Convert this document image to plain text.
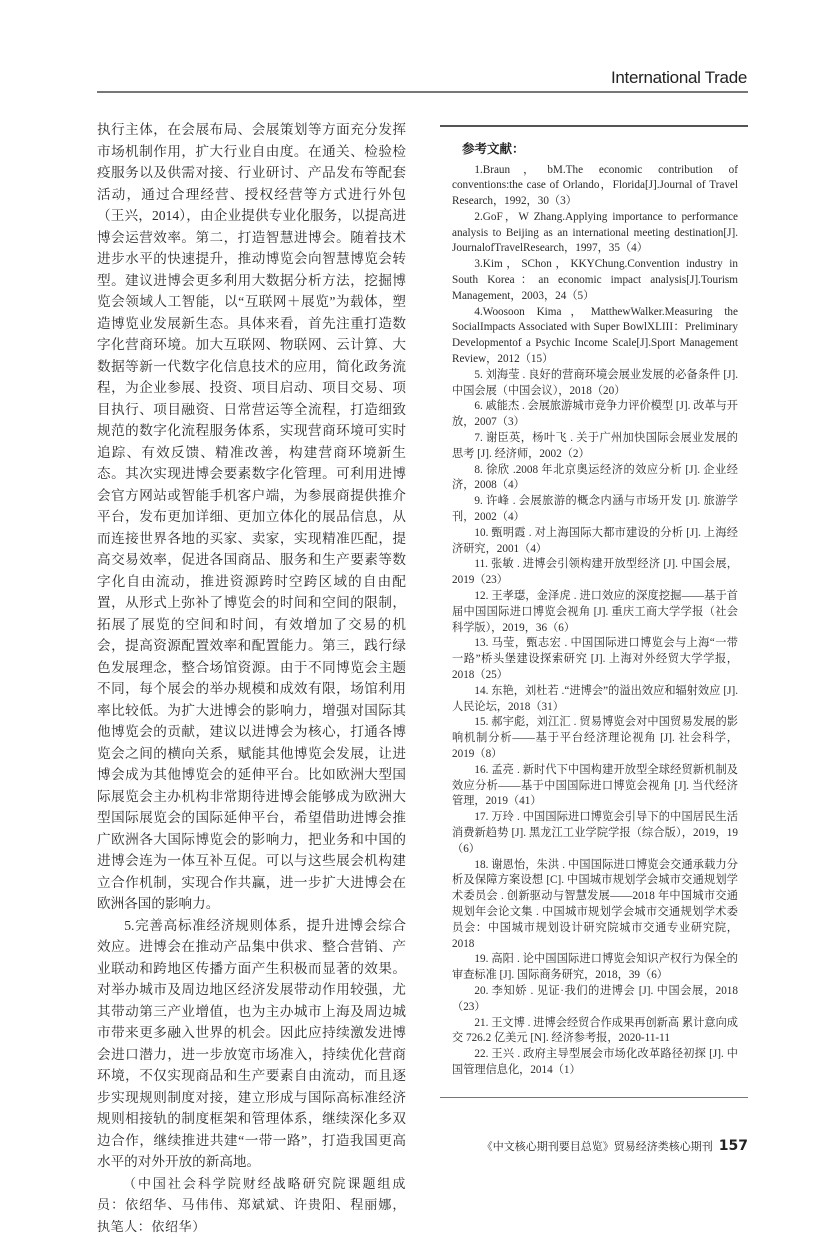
International Trade

执行主体，在会展布局、会展策划等方面充分发挥市场机制作用，扩大行业自由度。在通关、检验检疫服务以及供需对接、行业研讨、产品发布等配套活动，通过合理经营、授权经营等方式进行外包（王兴，2014），由企业提供专业化服务，以提高进博会运营效率。第二，打造智慧进博会。随着技术进步水平的快速提升，推动博览会向智慧博览会转型。建议进博会更多利用大数据分析方法，挖掘博览会领域人工智能，以“互联网＋展览”为载体，塑造博览业发展新生态。具体来看，首先注重打造数字化营商环境。加大互联网、物联网、云计算、大数据等新一代数字化信息技术的应用，简化政务流程，为企业参展、投资、项目启动、项目交易、项目执行、项目融资、日常营运等全流程，打造细致规范的数字化流程服务体系，实现营商环境可实时追踪、有效反馈、精准改善，构建营商环境新生态。其次实现进博会要素数字化管理。可利用进博会官方网站或智能手机客户端，为参展商提供推介平台，发布更加详细、更加立体化的展品信息，从而连接世界各地的买家、卖家，实现精准匹配，提高交易效率，促进各国商品、服务和生产要素等数字化自由流动，推进资源跨时空跨区域的自由配置，从形式上弥补了博览会的时间和空间的限制，拓展了展览的空间和时间，有效增加了交易的机会，提高资源配置效率和配置能力。第三，践行绿色发展理念，整合场馆资源。由于不同博览会主题不同，每个展会的举办规模和成效有限，场馆利用率比较低。为扩大进博会的影响力，增强对国际其他博览会的贡献，建议以进博会为核心，打通各博览会之间的横向关系，赋能其他博览会发展，让进博会成为其他博览会的延伸平台。比如欧洲大型国际展览会主办机构非常期待进博会能够成为欧洲大型国际展览会的国际延伸平台，希望借助进博会推广欧洲各大国际博览会的影响力，把业务和中国的进博会连为一体互补互促。可以与这些展会机构建立合作机制，实现合作共赢，进一步扩大进博会在欧洲各国的影响力。

5.完善高标准经济规则体系，提升进博会综合效应。进博会在推动产品集中供求、整合营销、产业联动和跨地区传播方面产生积极而显著的效果。对举办城市及周边地区经济发展带动作用较强，尤其带动第三产业增值，也为主办城市上海及周边城市带来更多融入世界的机会。因此应持续激发进博会进口潜力，进一步放宽市场准入，持续优化营商环境，不仅实现商品和生产要素自由流动，而且逐步实现规则制度对接，建立形成与国际高标准经济规则相接轨的制度框架和管理体系，继续深化多双边合作，继续推进共建“一带一路”，打造我国更高水平的对外开放的新高地。

（中国社会科学院财经战略研究院课题组成员：依绍华、马伟伟、郑斌斌、许贵阳、程丽娜，执笔人：依绍华）

参考文献：

1.Braun，bM.The economic contribution of conventions:the case of Orlando，Florida[J].Journal of Travel Research，1992，30（3）

2.GoF，W Zhang.Applying importance to performance analysis to Beijing as an international meeting destination[J]. JournalofTravelResearch，1997，35（4）

3.Kim，SChon，KKYChung.Convention industry in South Korea：an economic impact analysis[J].Tourism Management，2003，24（5）

4.Woosoon Kima，MatthewWalker.Measuring the SocialImpacts Associated with Super BowlXLIII：Preliminary Developmentof a Psychic Income Scale[J].Sport Management Review，2012（15）

5. 刘海莹 . 良好的营商环境会展业发展的必备条件 [J]. 中国会展（中国会议），2018（20）

6. 戚能杰 . 会展旅游城市竞争力评价模型 [J]. 改革与开放，2007（3）

7. 谢臣英，杨叶飞 . 关于广州加快国际会展业发展的思考 [J]. 经济师，2002（2）

8. 徐欣 .2008 年北京奥运经济的效应分析 [J]. 企业经济，2008（4）

9. 许峰 . 会展旅游的概念内涵与市场开发 [J]. 旅游学刊，2002（4）

10. 甄明霞 . 对上海国际大都市建设的分析 [J]. 上海经济研究，2001（4）

11. 张敏 . 进博会引领构建开放型经济 [J]. 中国会展，2019（23）

12. 王孝璱，金泽虎 . 进口效应的深度挖掘——基于首届中国国际进口博览会视角 [J]. 重庆工商大学学报（社会科学版），2019，36（6）

13. 马莹，甄志宏 . 中国国际进口博览会与上海“一带一路”桥头堡建设探索研究 [J]. 上海对外经贸大学学报，2018（25）

14. 东艳，刘杜若 .“进博会”的溢出效应和辐射效应 [J]. 人民论坛，2018（31）

15. 郝宇彪，刘江汇 . 贸易博览会对中国贸易发展的影响机制分析——基于平台经济理论视角 [J]. 社会科学，2019（8）

16. 孟亮 . 新时代下中国构建开放型全球经贸新机制及效应分析——基于中国国际进口博览会视角 [J]. 当代经济管理，2019（41）

17. 万玲 . 中国国际进口博览会引导下的中国居民生活消费新趋势 [J]. 黑龙江工业学院学报（综合版），2019，19（6）

18. 谢恩怡，朱洪 . 中国国际进口博览会交通承载力分析及保障方案设想 [C]. 中国城市规划学会城市交通规划学术委员会 . 创新驱动与智慧发展——2018 年中国城市交通规划年会论文集 . 中国城市规划学会城市交通规划学术委员会：中国城市规划设计研究院城市交通专业研究院，2018

19. 高阳 . 论中国国际进口博览会知识产权行为保全的审查标准 [J]. 国际商务研究，2018，39（6）

20. 李知娇 . 见证·我们的进博会 [J]. 中国会展，2018（23）

21. 王文博 . 进博会经贸合作成果再创新高 累计意向成交 726.2 亿美元 [N]. 经济参考报，2020-11-11

22. 王兴 . 政府主导型展会市场化改革路径初探 [J]. 中国管理信息化，2014（1）

《中文核心期刊要目总览》贸易经济类核心期刊 157
